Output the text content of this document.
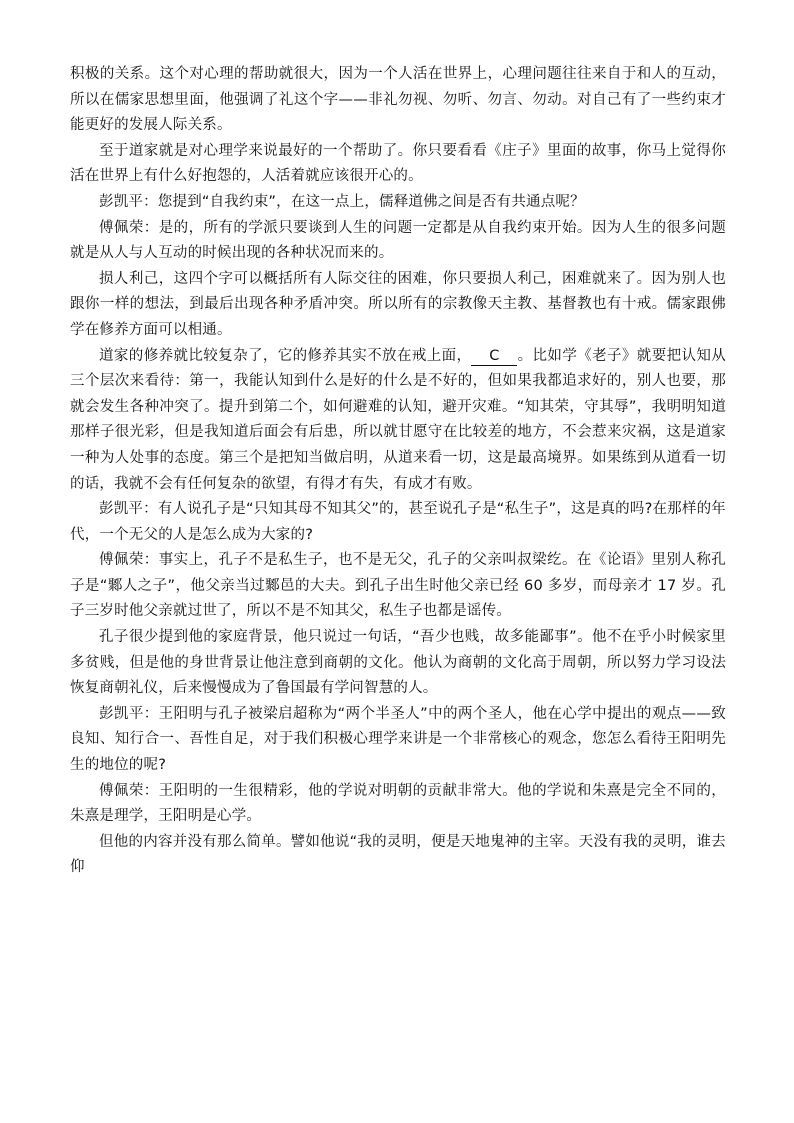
积极的关系。这个对心理的帮助就很大，因为一个人活在世界上，心理问题往往来自于和人的互动，所以在儒家思想里面，他强调了礼这个字——非礼勿视、勿听、勿言、勿动。对自己有了一些约束才能更好的发展人际关系。

至于道家就是对心理学来说最好的一个帮助了。你只要看看《庄子》里面的故事，你马上觉得你活在世界上有什么好抱怨的，人活着就应该很开心的。

彭凯平：您提到“自我约束”，在这一点上，儒释道佛之间是否有共通点呢？

傅佩荣：是的，所有的学派只要谈到人生的问题一定都是从自我约束开始。因为人生的很多问题就是从人与人互动的时候出现的各种状况而来的。

损人利己，这四个字可以概括所有人际交往的困难，你只要损人利己，困难就来了。因为别人也跟你一样的想法，到最后出现各种矛盾冲突。所以所有的宗教像天主教、基督教也有十戒。儒家跟佛学在修养方面可以相通。

道家的修养就比较复杂了，它的修养其实不放在戒上面， C 。比如学《老子》就要把认知从三个层次来看待：第一，我能认知到什么是好的什么是不好的，但如果我都追求好的，别人也要，那就会发生各种冲突了。提升到第二个，如何避难的认知，避开灾难。“知其荣，守其辱”，我明明知道那样子很光彩，但是我知道后面会有后患，所以就甘愿守在比较差的地方，不会惹来灾祸，这是道家一种为人处事的态度。第三个是把知当做启明，从道来看一切，这是最高境界。如果练到从道看一切的话，我就不会有任何复杂的欲望，有得才有失，有成才有败。

彭凯平：有人说孔子是“只知其母不知其父”的，甚至说孔子是“私生子”，这是真的吗?在那样的年代，一个无父的人是怎么成为大家的?

傅佩荣：事实上，孔子不是私生子，也不是无父，孔子的父亲叫叔梁纥。在《论语》里别人称孔子是“鄹人之子”，他父亲当过鄹邑的大夫。到孔子出生时他父亲已经 60 多岁，而母亲才 17 岁。孔子三岁时他父亲就过世了，所以不是不知其父，私生子也都是谣传。

孔子很少提到他的家庭背景，他只说过一句话，“吾少也贱，故多能鄙事”。他不在乎小时候家里多贫贱，但是他的身世背景让他注意到商朝的文化。他认为商朝的文化高于周朝，所以努力学习设法恢复商朝礼仪，后来慢慢成为了鲁国最有学问智慧的人。

彭凯平：王阳明与孔子被梁启超称为“两个半圣人”中的两个圣人，他在心学中提出的观点——致良知、知行合一、吾性自足，对于我们积极心理学来讲是一个非常核心的观念，您怎么看待王阳明先生的地位的呢?

傅佩荣：王阳明的一生很精彩，他的学说对明朝的贡献非常大。他的学说和朱熹是完全不同的，朱熹是理学，王阳明是心学。

但他的内容并没有那么简单。譬如他说“我的灵明，便是天地鬼神的主宰。天没有我的灵明，谁去仰
